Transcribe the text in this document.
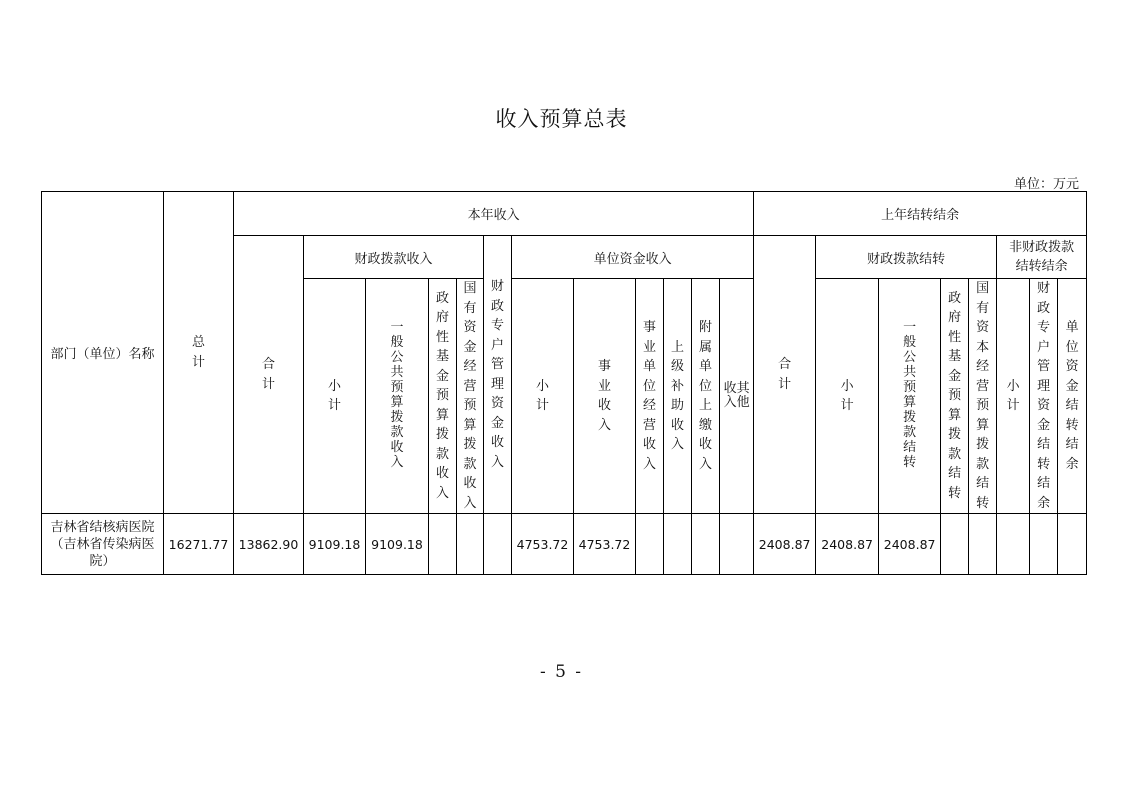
收入预算总表
单位：万元
部门（单位）名称	总计	本年收入												上年结转结余							
		合计	财政拨款收入				财政专户管理资金收入	单位资金收入						合计	财政拨款结转				非财政拨款结转结余		
			小计	一般公共预算拨款收入	政府性基金预算拨款收入	国有资金经营预算拨款收入		小计	事业收入	事业单位经营收入	上级补助收入	附属单位上缴收入	收入其他		小计	一般公共预算拨款结转	政府性基金预算拨款结转	国有资本经营预算拨款结转	小计	财政专户管理资金结转结余	单位资金结转结余
吉林省结核病医院（吉林省传染病医院）	16271.77	13862.90	9109.18	9109.18				4753.72	4753.72					2408.87	2408.87	2408.87					
- 5 -
